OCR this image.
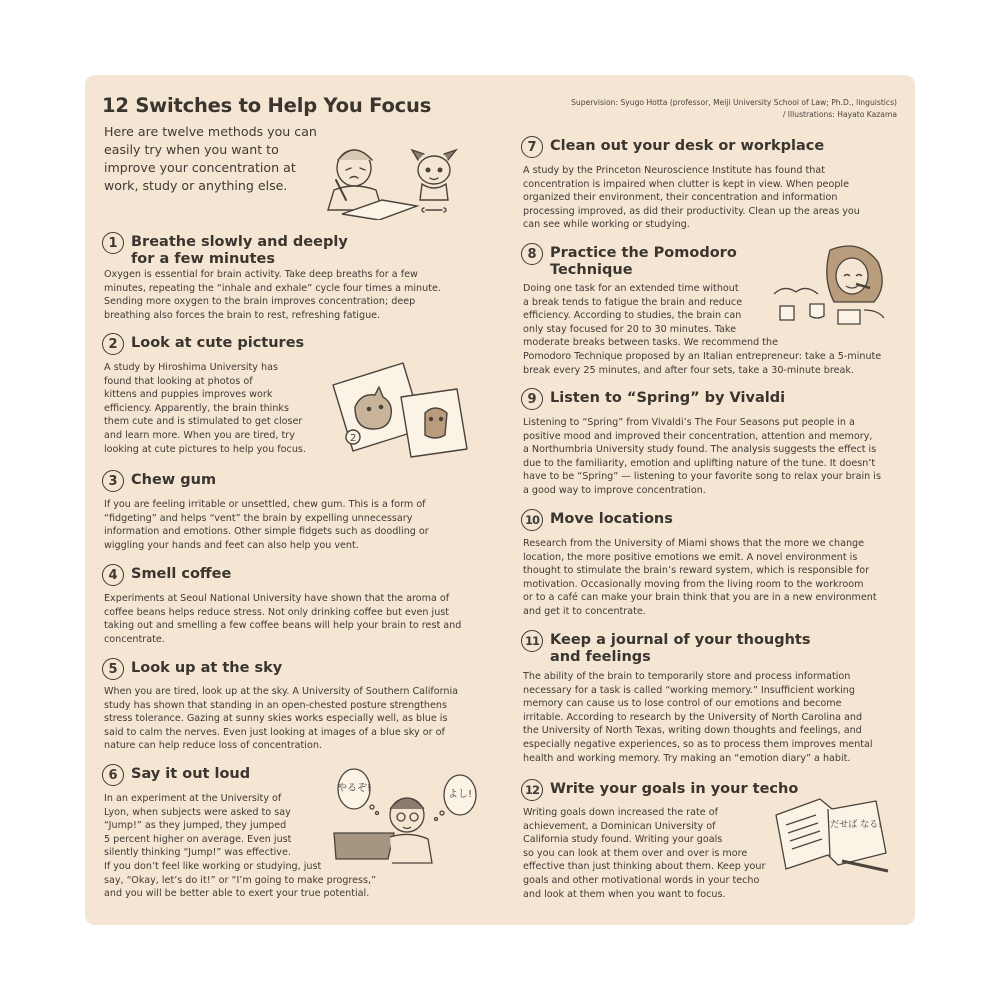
12 Switches to Help You Focus	Supervision: Syugo Hotta (professor, Meiji University School of Law; Ph.D., linguistics)
/ Illustrations: Hayato Kazama
Here are twelve methods you can easily try when you want to improve your concentration at work, study or anything else.
1 Breathe slowly and deeply
for a few minutes
Oxygen is essential for brain activity. Take deep breaths for a few
minutes, repeating the “inhale and exhale” cycle four times a minute.
Sending more oxygen to the brain improves concentration; deep
breathing also forces the brain to rest, refreshing fatigue.
2 Look at cute pictures
A study by Hiroshima University has
found that looking at photos of
kittens and puppies improves work
efficiency. Apparently, the brain thinks
them cute and is stimulated to get closer
and learn more. When you are tired, try
looking at cute pictures to help you focus.
3 Chew gum
If you are feeling irritable or unsettled, chew gum. This is a form of
“fidgeting” and helps “vent” the brain by expelling unnecessary
information and emotions. Other simple fidgets such as doodling or
wiggling your hands and feet can also help you vent.
4 Smell coffee
Experiments at Seoul National University have shown that the aroma of
coffee beans helps reduce stress. Not only drinking coffee but even just
taking out and smelling a few coffee beans will help your brain to rest and
concentrate.
5 Look up at the sky
When you are tired, look up at the sky. A University of Southern California
study has shown that standing in an open-chested posture strengthens
stress tolerance. Gazing at sunny skies works especially well, as blue is
said to calm the nerves. Even just looking at images of a blue sky or of
nature can help reduce loss of concentration.
6 Say it out loud
In an experiment at the University of
Lyon, when subjects were asked to say
“Jump!” as they jumped, they jumped
5 percent higher on average. Even just
silently thinking “Jump!” was effective.
If you don’t feel like working or studying, just
say, “Okay, let’s do it!” or “I’m going to make progress,”
and you will be better able to exert your true potential.
7 Clean out your desk or workplace
A study by the Princeton Neuroscience Institute has found that
concentration is impaired when clutter is kept in view. When people
organized their environment, their concentration and information
processing improved, as did their productivity. Clean up the areas you
can see while working or studying.
8 Practice the Pomodoro
Technique
Doing one task for an extended time without
a break tends to fatigue the brain and reduce
efficiency. According to studies, the brain can
only stay focused for 20 to 30 minutes. Take
moderate breaks between tasks. We recommend the
Pomodoro Technique proposed by an Italian entrepreneur: take a 5-minute
break every 25 minutes, and after four sets, take a 30-minute break.
9 Listen to “Spring” by Vivaldi
Listening to “Spring” from Vivaldi’s The Four Seasons put people in a
positive mood and improved their concentration, attention and memory,
a Northumbria University study found. The analysis suggests the effect is
due to the familiarity, emotion and uplifting nature of the tune. It doesn’t
have to be “Spring” — listening to your favorite song to relax your brain is
a good way to improve concentration.
10 Move locations
Research from the University of Miami shows that the more we change
location, the more positive emotions we emit. A novel environment is
thought to stimulate the brain’s reward system, which is responsible for
motivation. Occasionally moving from the living room to the workroom
or to a café can make your brain think that you are in a new environment
and get it to concentrate.
11 Keep a journal of your thoughts
and feelings
The ability of the brain to temporarily store and process information
necessary for a task is called “working memory.” Insufficient working
memory can cause us to lose control of our emotions and become
irritable. According to research by the University of North Carolina and
the University of North Texas, writing down thoughts and feelings, and
especially negative experiences, so as to process them improves mental
health and working memory. Try making an “emotion diary” a habit.
12 Write your goals in your techo
Writing goals down increased the rate of
achievement, a Dominican University of
California study found. Writing your goals
so you can look at them over and over is more
effective than just thinking about them. Keep your
goals and other motivational words in your techo
and look at them when you want to focus.
2
やるぞ!
よし!
だせば なる!
